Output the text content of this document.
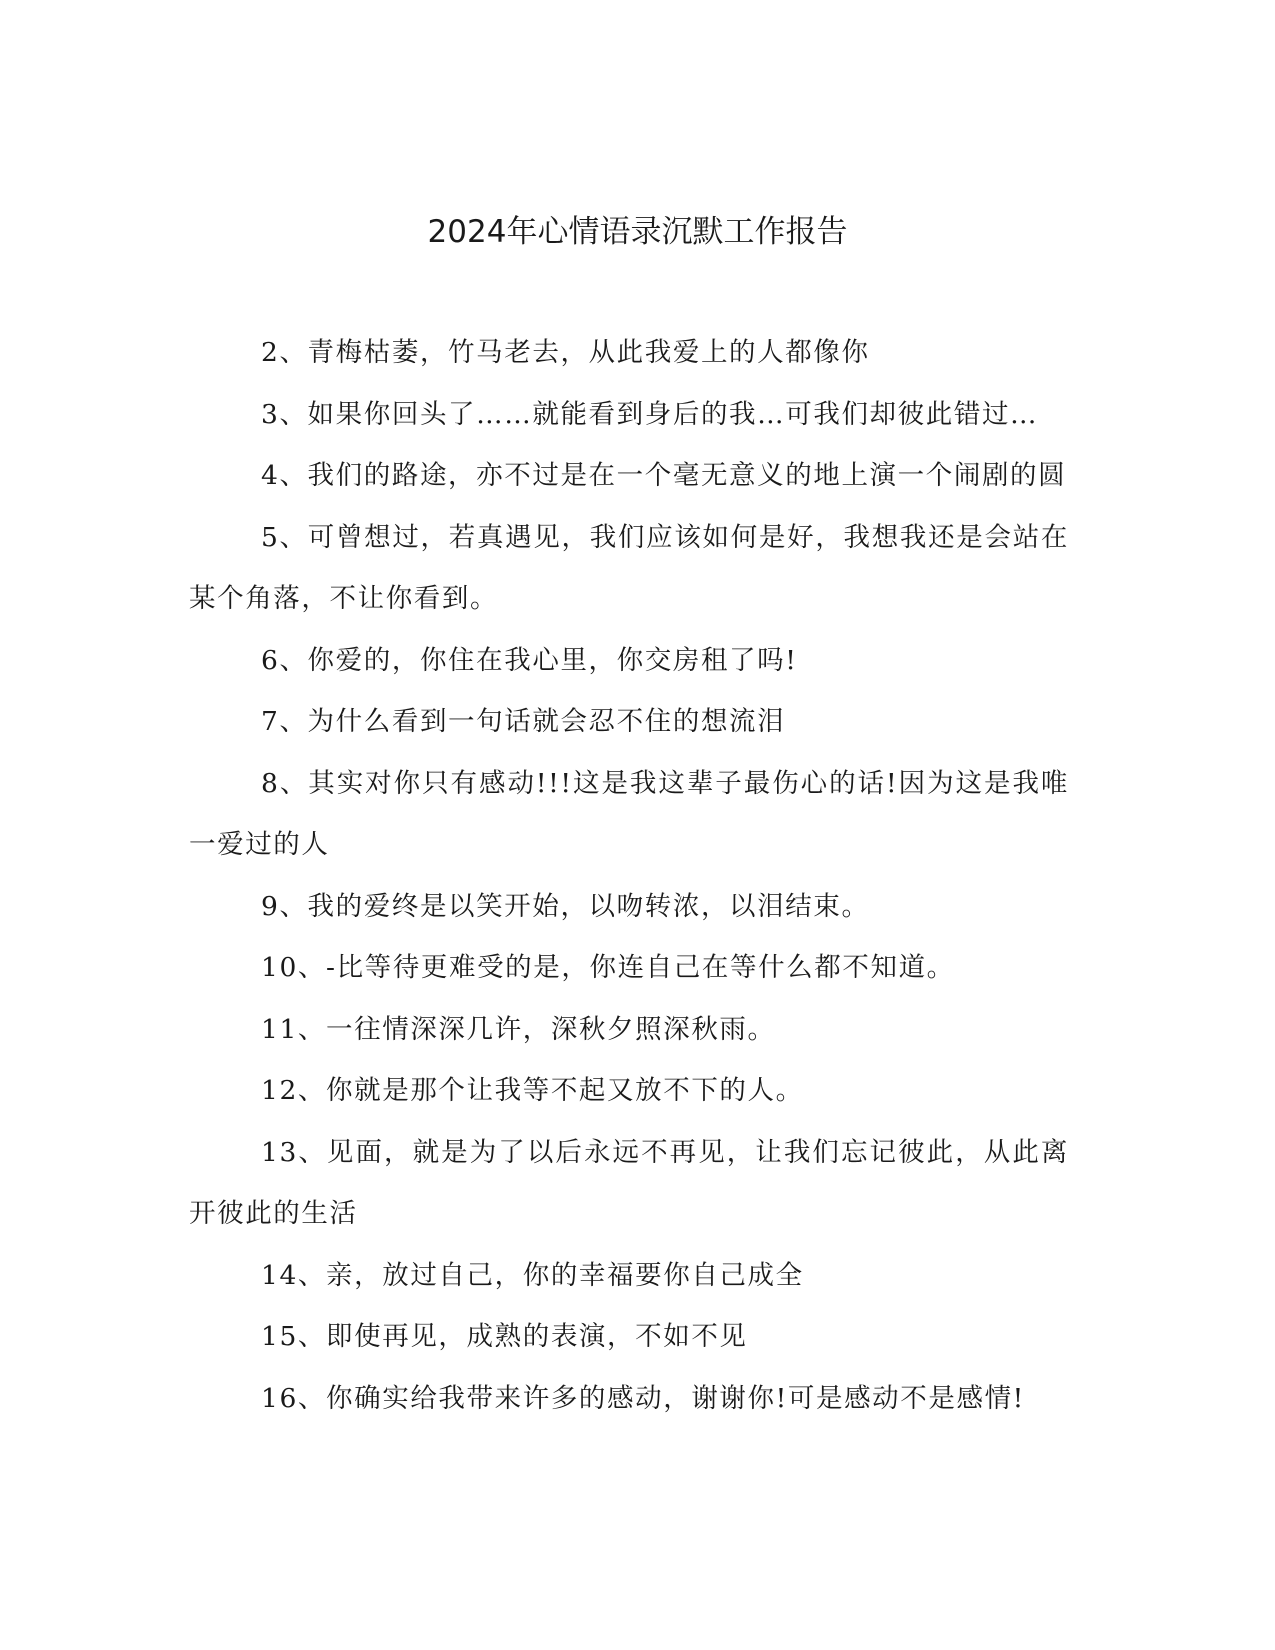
2024年心情语录沉默工作报告

2、青梅枯萎，竹马老去，从此我爱上的人都像你

3、如果你回头了……就能看到身后的我…可我们却彼此错过…

4、我们的路途，亦不过是在一个毫无意义的地上演一个闹剧的圆

5、可曾想过，若真遇见，我们应该如何是好，我想我还是会站在某个角落，不让你看到。

6、你爱的，你住在我心里，你交房租了吗!

7、为什么看到一句话就会忍不住的想流泪

8、其实对你只有感动!!!这是我这辈子最伤心的话!因为这是我唯一爱过的人

9、我的爱终是以笑开始，以吻转浓，以泪结束。

10、-比等待更难受的是，你连自己在等什么都不知道。

11、一往情深深几许，深秋夕照深秋雨。

12、你就是那个让我等不起又放不下的人。

13、见面，就是为了以后永远不再见，让我们忘记彼此，从此离开彼此的生活

14、亲，放过自己，你的幸福要你自己成全

15、即使再见，成熟的表演，不如不见

16、你确实给我带来许多的感动，谢谢你!可是感动不是感情!
